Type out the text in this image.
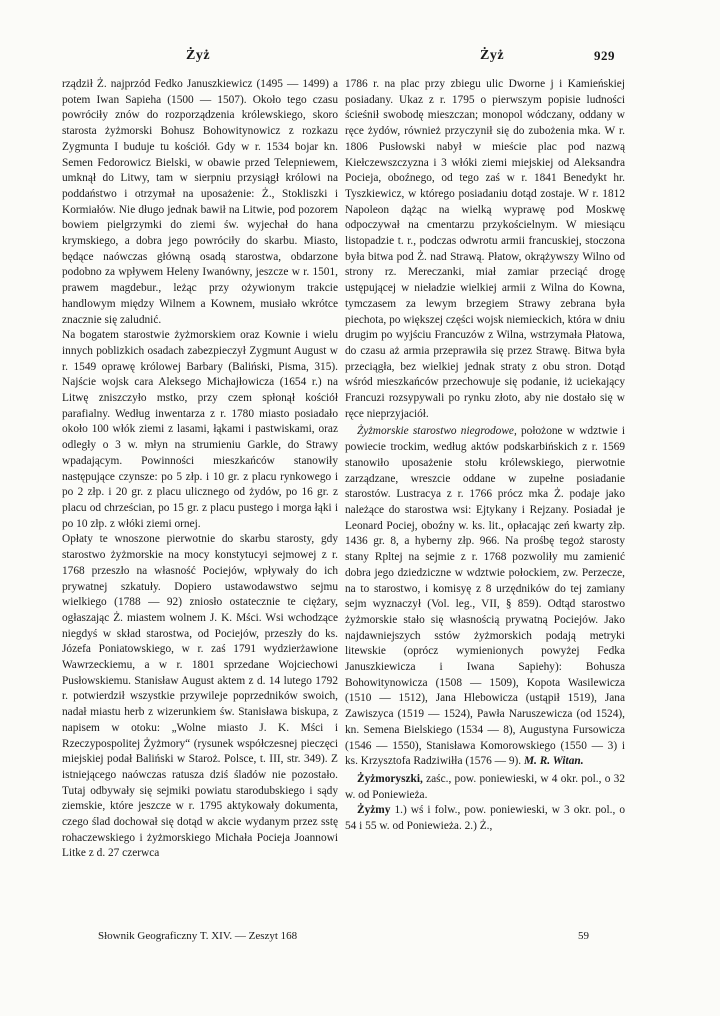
Żyż	Żyż	929

rządził Ż. najprzód Fedko Januszkiewicz (1495 — 1499) a potem Iwan Sapieha (1500 — 1507). Około tego czasu powróciły znów do rozporządzenia królewskiego, skoro starosta żyżmorski Bohusz Bohowitynowicz z rozkazu Zygmunta I buduje tu kościół. Gdy w r. 1534 bojar kn. Semen Fedorowicz Bielski, w obawie przed Telepniewem, umknął do Litwy, tam w sierpniu przysiągł królowi na poddaństwo i otrzymał na uposażenie: Ż., Stokliszki i Kormiałów. Nie długo jednak bawił na Litwie, pod pozorem bowiem pielgrzymki do ziemi św. wyjechał do hana krymskiego, a dobra jego powróciły do skarbu. Miasto, będące naówczas główną osadą starostwa, obdarzone podobno za wpływem Heleny Iwanówny, jeszcze w r. 1501, prawem magdebur., leżąc przy ożywionym trakcie handlowym między Wilnem a Kownem, musiało wkrótce znacznie się zaludnić.

Na bogatem starostwie żyżmorskiem oraz Kownie i wielu innych poblizkich osadach zabezpieczył Zygmunt August w r. 1549 oprawę królowej Barbary (Baliński, Pisma, 315). Najście wojsk cara Aleksego Michajłowicza (1654 r.) na Litwę zniszczyło mstko, przy czem spłonął kościół parafialny. Według inwentarza z r. 1780 miasto posiadało około 100 włók ziemi z lasami, łąkami i pastwiskami, oraz odległy o 3 w. młyn na strumieniu Garkle, do Strawy wpadającym. Powinności mieszkańców stanowiły następujące czynsze: po 5 złp. i 10 gr. z placu rynkowego i po 2 złp. i 20 gr. z placu ulicznego od żydów, po 16 gr. z placu od chrześcian, po 15 gr. z placu pustego i morga łąki i po 10 złp. z włóki ziemi ornej.

Opłaty te wnoszone pierwotnie do skarbu starosty, gdy starostwo żyżmorskie na mocy konstytucyi sejmowej z r. 1768 przeszło na własność Pociejów, wpływały do ich prywatnej szkatuły. Dopiero ustawodawstwo sejmu wielkiego (1788 — 92) zniosło ostatecznie te ciężary, ogłaszając Ż. miastem wolnem J. K. Mści. Wsi wchodzące niegdyś w skład starostwa, od Pociejów, przeszły do ks. Józefa Poniatowskiego, w r. zaś 1791 wydzierżawione Wawrzeckiemu, a w r. 1801 sprzedane Wojciechowi Pusłowskiemu. Stanisław August aktem z d. 14 lutego 1792 r. potwierdził wszystkie przywileje poprzedników swoich, nadał miastu herb z wizerunkiem św. Stanisława biskupa, z napisem w otoku: „Wolne miasto J. K. Mści i Rzeczypospolitej Żyżmory“ (rysunek współczesnej pieczęci miejskiej podał Baliński w Staroż. Polsce, t. III, str. 349). Z istniejącego naówczas ratusza dziś śladów nie pozostało. Tutaj odbywały się sejmiki powiatu starodubskiego i sądy ziemskie, które jeszcze w r. 1795 aktykowały dokumenta, czego ślad dochował się dotąd w akcie wydanym przez sstę rohaczewskiego i żyżmorskiego Michała Pocieja Joannowi Litke z d. 27 czerwca

1786 r. na plac przy zbiegu ulic Dworne j i Kamieńskiej posiadany. Ukaz z r. 1795 o pierwszym popisie ludności ścieśnił swobodę mieszczan; monopol wódczany, oddany w ręce żydów, również przyczynił się do zubożenia mka. W r. 1806 Pusłowski nabył w mieście plac pod nazwą Kiełczewszczyzna i 3 włóki ziemi miejskiej od Aleksandra Pocieja, oboźnego, od tego zaś w r. 1841 Benedykt hr. Tyszkiewicz, w którego posiadaniu dotąd zostaje. W r. 1812 Napoleon dążąc na wielką wyprawę pod Moskwę odpoczywał na cmentarzu przykościelnym. W miesiącu listopadzie t. r., podczas odwrotu armii francuskiej, stoczona była bitwa pod Ż. nad Strawą. Płatow, okrążywszy Wilno od strony rz. Mereczanki, miał zamiar przeciąć drogę ustępującej w nieładzie wielkiej armii z Wilna do Kowna, tymczasem za lewym brzegiem Strawy zebrana była piechota, po większej części wojsk niemieckich, która w dniu drugim po wyjściu Francuzów z Wilna, wstrzymała Płatowa, do czasu aż armia przeprawiła się przez Strawę. Bitwa była przeciągła, bez wielkiej jednak straty z obu stron. Dotąd wśród mieszkańców przechowuje się podanie, iż uciekający Francuzi rozsypywali po rynku złoto, aby nie dostało się w ręce nieprzyjaciół.

Żyżmorskie starostwo niegrodowe, położone w wdztwie i powiecie trockim, według aktów podskarbińskich z r. 1569 stanowiło uposażenie stołu królewskiego, pierwotnie zarządzane, wreszcie oddane w zupełne posiadanie starostów. Lustracya z r. 1766 prócz mka Ż. podaje jako należące do starostwa wsi: Ejtykany i Rejzany. Posiadał je Leonard Pociej, oboźny w. ks. lit., opłacając zeń kwarty złp. 1436 gr. 8, a hyberny złp. 966. Na prośbę tegoż starosty stany Rpltej na sejmie z r. 1768 pozwoliły mu zamienić dobra jego dziedziczne w wdztwie połockiem, zw. Perzecze, na to starostwo, i komisyę z 8 urzędników do tej zamiany sejm wyznaczył (Vol. leg., VII, § 859). Odtąd starostwo żyżmorskie stało się własnością prywatną Pociejów. Jako najdawniejszych sstów żyżmorskich podają metryki litewskie (oprócz wymienionych powyżej Fedka Januszkiewicza i Iwana Sapiehy): Bohusza Bohowitynowicza (1508 — 1509), Kopota Wasilewicza (1510 — 1512), Jana Hlebowicza (ustąpił 1519), Jana Zawiszyca (1519 — 1524), Pawła Naruszewicza (od 1524), kn. Semena Bielskiego (1534 — 8), Augustyna Fursowicza (1546 — 1550), Stanisława Komorowskiego (1550 — 3) i ks. Krzysztofa Radziwiłła (1576 — 9). M. R. Witan.

Żyżmoryszki, zaśc., pow. poniewieski, w 4 okr. pol., o 32 w. od Poniewieża.

Żyżmy 1.) wś i folw., pow. poniewieski, w 3 okr. pol., o 54 i 55 w. od Poniewieża. 2.) Ż.,

Słownik Geograficzny T. XIV. — Zeszyt 168	59
